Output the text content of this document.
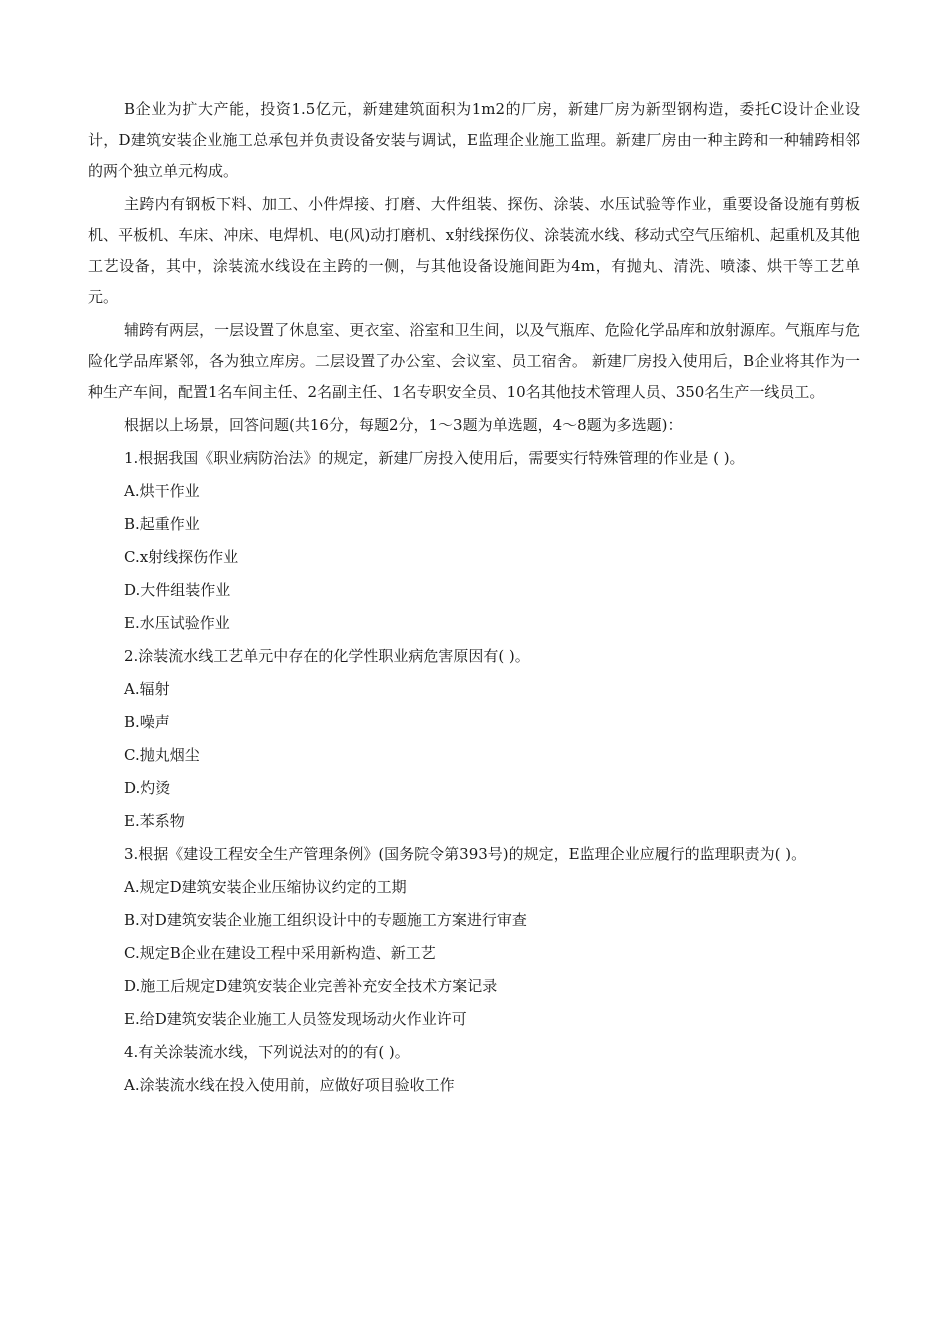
B企业为扩大产能，投资1.5亿元，新建建筑面积为1m2的厂房，新建厂房为新型钢构造，委托C设计企业设计，D建筑安装企业施工总承包并负责设备安装与调试，E监理企业施工监理。新建厂房由一种主跨和一种辅跨相邻的两个独立单元构成。

主跨内有钢板下料、加工、小件焊接、打磨、大件组装、探伤、涂装、水压试验等作业，重要设备设施有剪板机、平板机、车床、冲床、电焊机、电(风)动打磨机、x射线探伤仪、涂装流水线、移动式空气压缩机、起重机及其他工艺设备，其中，涂装流水线设在主跨的一侧，与其他设备设施间距为4m，有抛丸、清洗、喷漆、烘干等工艺单元。

辅跨有两层，一层设置了休息室、更衣室、浴室和卫生间，以及气瓶库、危险化学品库和放射源库。气瓶库与危险化学品库紧邻，各为独立库房。二层设置了办公室、会议室、员工宿舍。 新建厂房投入使用后，B企业将其作为一种生产车间，配置1名车间主任、2名副主任、1名专职安全员、10名其他技术管理人员、350名生产一线员工。

根据以上场景，回答问题(共16分，每题2分，1～3题为单选题，4～8题为多选题)：

1.根据我国《职业病防治法》的规定，新建厂房投入使用后，需要实行特殊管理的作业是 ( )。

A.烘干作业

B.起重作业

C.x射线探伤作业

D.大件组装作业

E.水压试验作业

2.涂装流水线工艺单元中存在的化学性职业病危害原因有( )。

A.辐射

B.噪声

C.抛丸烟尘

D.灼烫

E.苯系物

3.根据《建设工程安全生产管理条例》(国务院令第393号)的规定，E监理企业应履行的监理职责为( )。

A.规定D建筑安装企业压缩协议约定的工期

B.对D建筑安装企业施工组织设计中的专题施工方案进行审查

C.规定B企业在建设工程中采用新构造、新工艺

D.施工后规定D建筑安装企业完善补充安全技术方案记录

E.给D建筑安装企业施工人员签发现场动火作业许可

4.有关涂装流水线，下列说法对的的有( )。

A.涂装流水线在投入使用前，应做好项目验收工作
